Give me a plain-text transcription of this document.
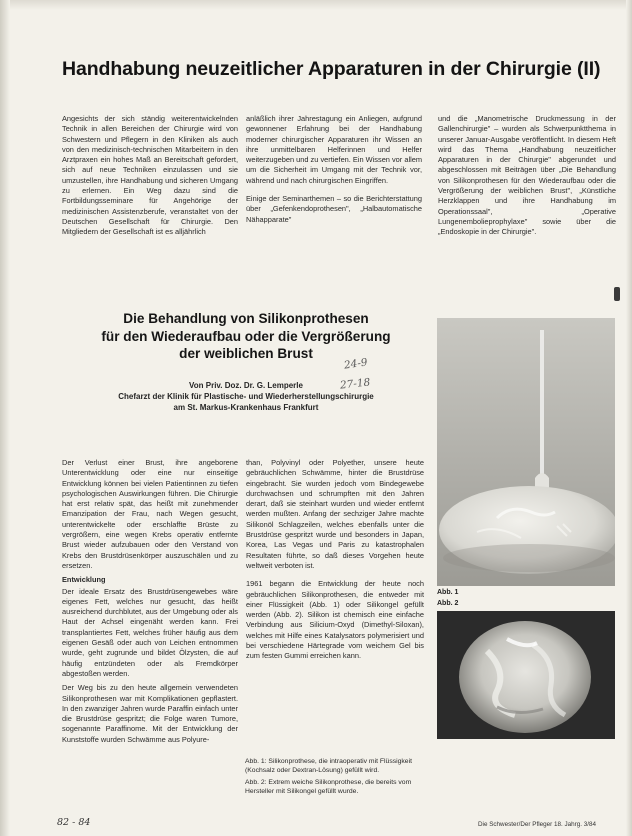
Handhabung neuzeitlicher Apparaturen in der Chirurgie (II)

Angesichts der sich ständig weiterentwickelnden Technik in allen Bereichen der Chirurgie wird von Schwestern und Pflegern in den Kliniken als auch von den medizinisch-technischen Mitarbeitern in den Arztpraxen ein hohes Maß an Bereitschaft gefordert, sich auf neue Techniken einzulassen und sie umzustellen, ihre Handhabung und sicheren Umgang zu erlernen. Ein Weg dazu sind die Fortbildungsseminare für Angehörige der medizinischen Assistenzberufe, veranstaltet von der Deutschen Gesellschaft für Chirurgie. Den Mitgliedern der Gesellschaft ist es alljährlich

anläßlich ihrer Jahrestagung ein Anliegen, aufgrund gewonnener Erfahrung bei der Handhabung moderner chirurgischer Apparaturen ihr Wissen an ihre unmittelbaren Helferinnen und Helfer weiterzugeben und zu vertiefen. Ein Wissen vor allem um die Sicherheit im Umgang mit der Technik vor, während und nach chirurgischen Eingriffen.

Einige der Seminarthemen – so die Berichterstattung über „Gefenkendoprothesen", „Halbautomatische Nähapparate"

und die „Manometrische Druckmessung in der Gallenchirurgie" – wurden als Schwerpunktthema in unserer Januar-Ausgabe veröffentlicht. In diesem Heft wird das Thema „Handhabung neuzeitlicher Apparaturen in der Chirurgie" abgerundet und abgeschlossen mit Beiträgen über „Die Behandlung von Silikonprothesen für den Wiederaufbau oder die Vergrößerung der weiblichen Brust", „Künstliche Herzklappen und ihre Handhabung im Operationssaal", „Operative Lungenembolieprophylaxe" sowie über die „Endoskopie in der Chirurgie".

Die Behandlung von Silikonprothesen
für den Wiederaufbau oder die Vergrößerung
der weiblichen Brust
24-9
27-18
Von Priv. Doz. Dr. G. Lemperle
Chefarzt der Klinik für Plastische- und Wiederherstellungschirurgie
am St. Markus-Krankenhaus Frankfurt

Der Verlust einer Brust, ihre angeborene Unterentwicklung oder eine nur einseitige Entwicklung können bei vielen Patientinnen zu tiefen psychologischen Auswirkungen führen. Die Chirurgie hat erst relativ spät, das heißt mit zunehmender Emanzipation der Frau, nach Wegen gesucht, unterentwickelte oder erschlaffte Brüste zu vergrößern, eine wegen Krebs operativ entfernte Brust wieder aufzubauen oder den Verstand von Krebs den Brustdrüsenkörper auszuschälen und zu ersetzen.

Entwicklung

Der ideale Ersatz des Brustdrüsengewebes wäre eigenes Fett, welches nur gesucht, das heißt ausreichend durchblutet, aus der Umgebung oder als Haut der Achsel eingenäht werden kann. Frei transplantiertes Fett, welches früher häufig aus dem eigenen Gesäß oder auch von Leichen entnommen wurde, geht zugrunde und bildet Ölzysten, die auf häufig entzündeten oder als Fremdkörper abgestoßen werden.

Der Weg bis zu den heute allgemein verwendeten Silikonprothesen war mit Komplikationen gepflastert. In den zwanziger Jahren wurde Paraffin einfach unter die Brustdrüse gespritzt; die Folge waren Tumore, sogenannte Paraffinome. Mit der Entwicklung der Kunststoffe wurden Schwämme aus Polyure-

than, Polyvinyl oder Polyether, unsere heute gebräuchlichen Schwämme, hinter die Brustdrüse eingebracht. Sie wurden jedoch vom Bindegewebe durchwachsen und schrumpften mit den Jahren derart, daß sie steinhart wurden und wieder entfernt werden mußten. Anfang der sechziger Jahre machte Silikonöl Schlagzeilen, welches ebenfalls unter die Brustdrüse gespritzt wurde und besonders in Japan, Korea, Las Vegas und Paris zu katastrophalen Resultaten führte, so daß dieses Vorgehen heute weltweit verboten ist.

1961 begann die Entwicklung der heute noch gebräuchlichen Silikonprothesen, die entweder mit einer Flüssigkeit (Abb. 1) oder Silikongel gefüllt werden (Abb. 2). Silikon ist chemisch eine einfache Verbindung aus Silicium-Oxyd (Dimethyl-Siloxan), welches mit Hilfe eines Katalysators polymerisiert und bei verschiedene Härtegrade vom weichem Gel bis zum festen Gummi erreichen kann.

Abb. 1
Abb. 2

Abb. 1: Silikonprothese, die intraoperativ mit Flüssigkeit (Kochsalz oder Dextran-Lösung) gefüllt wird.

Abb. 2: Extrem weiche Silikonprothese, die bereits vom Hersteller mit Silikongel gefüllt wurde.

82 - 84	Die Schwester/Der Pfleger 18. Jahrg. 3/84
